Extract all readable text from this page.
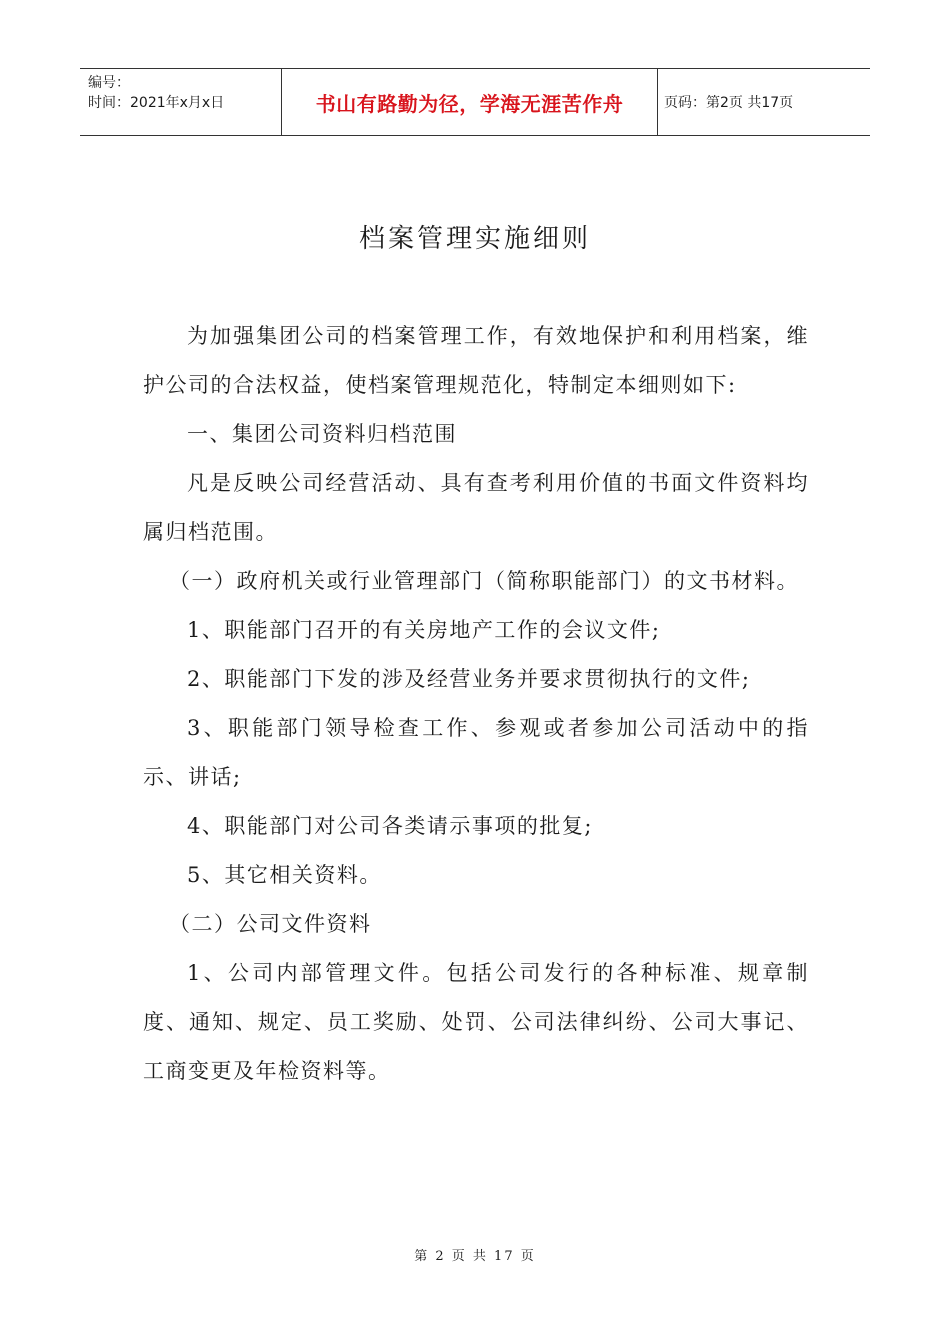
编号：
时间：2021年x月x日	书山有路勤为径，学海无涯苦作舟	页码：第2页 共17页
档案管理实施细则

为加强集团公司的档案管理工作，有效地保护和利用档案，维护公司的合法权益，使档案管理规范化，特制定本细则如下:

一、集团公司资料归档范围

凡是反映公司经营活动、具有查考利用价值的书面文件资料均属归档范围。

（一）政府机关或行业管理部门（简称职能部门）的文书材料。

1、职能部门召开的有关房地产工作的会议文件;

2、职能部门下发的涉及经营业务并要求贯彻执行的文件;

3、职能部门领导检查工作、参观或者参加公司活动中的指示、讲话;

4、职能部门对公司各类请示事项的批复;

5、其它相关资料。

（二）公司文件资料

1、公司内部管理文件。包括公司发行的各种标准、规章制度、通知、规定、员工奖励、处罚、公司法律纠纷、公司大事记、工商变更及年检资料等。

第 2 页 共 17 页
